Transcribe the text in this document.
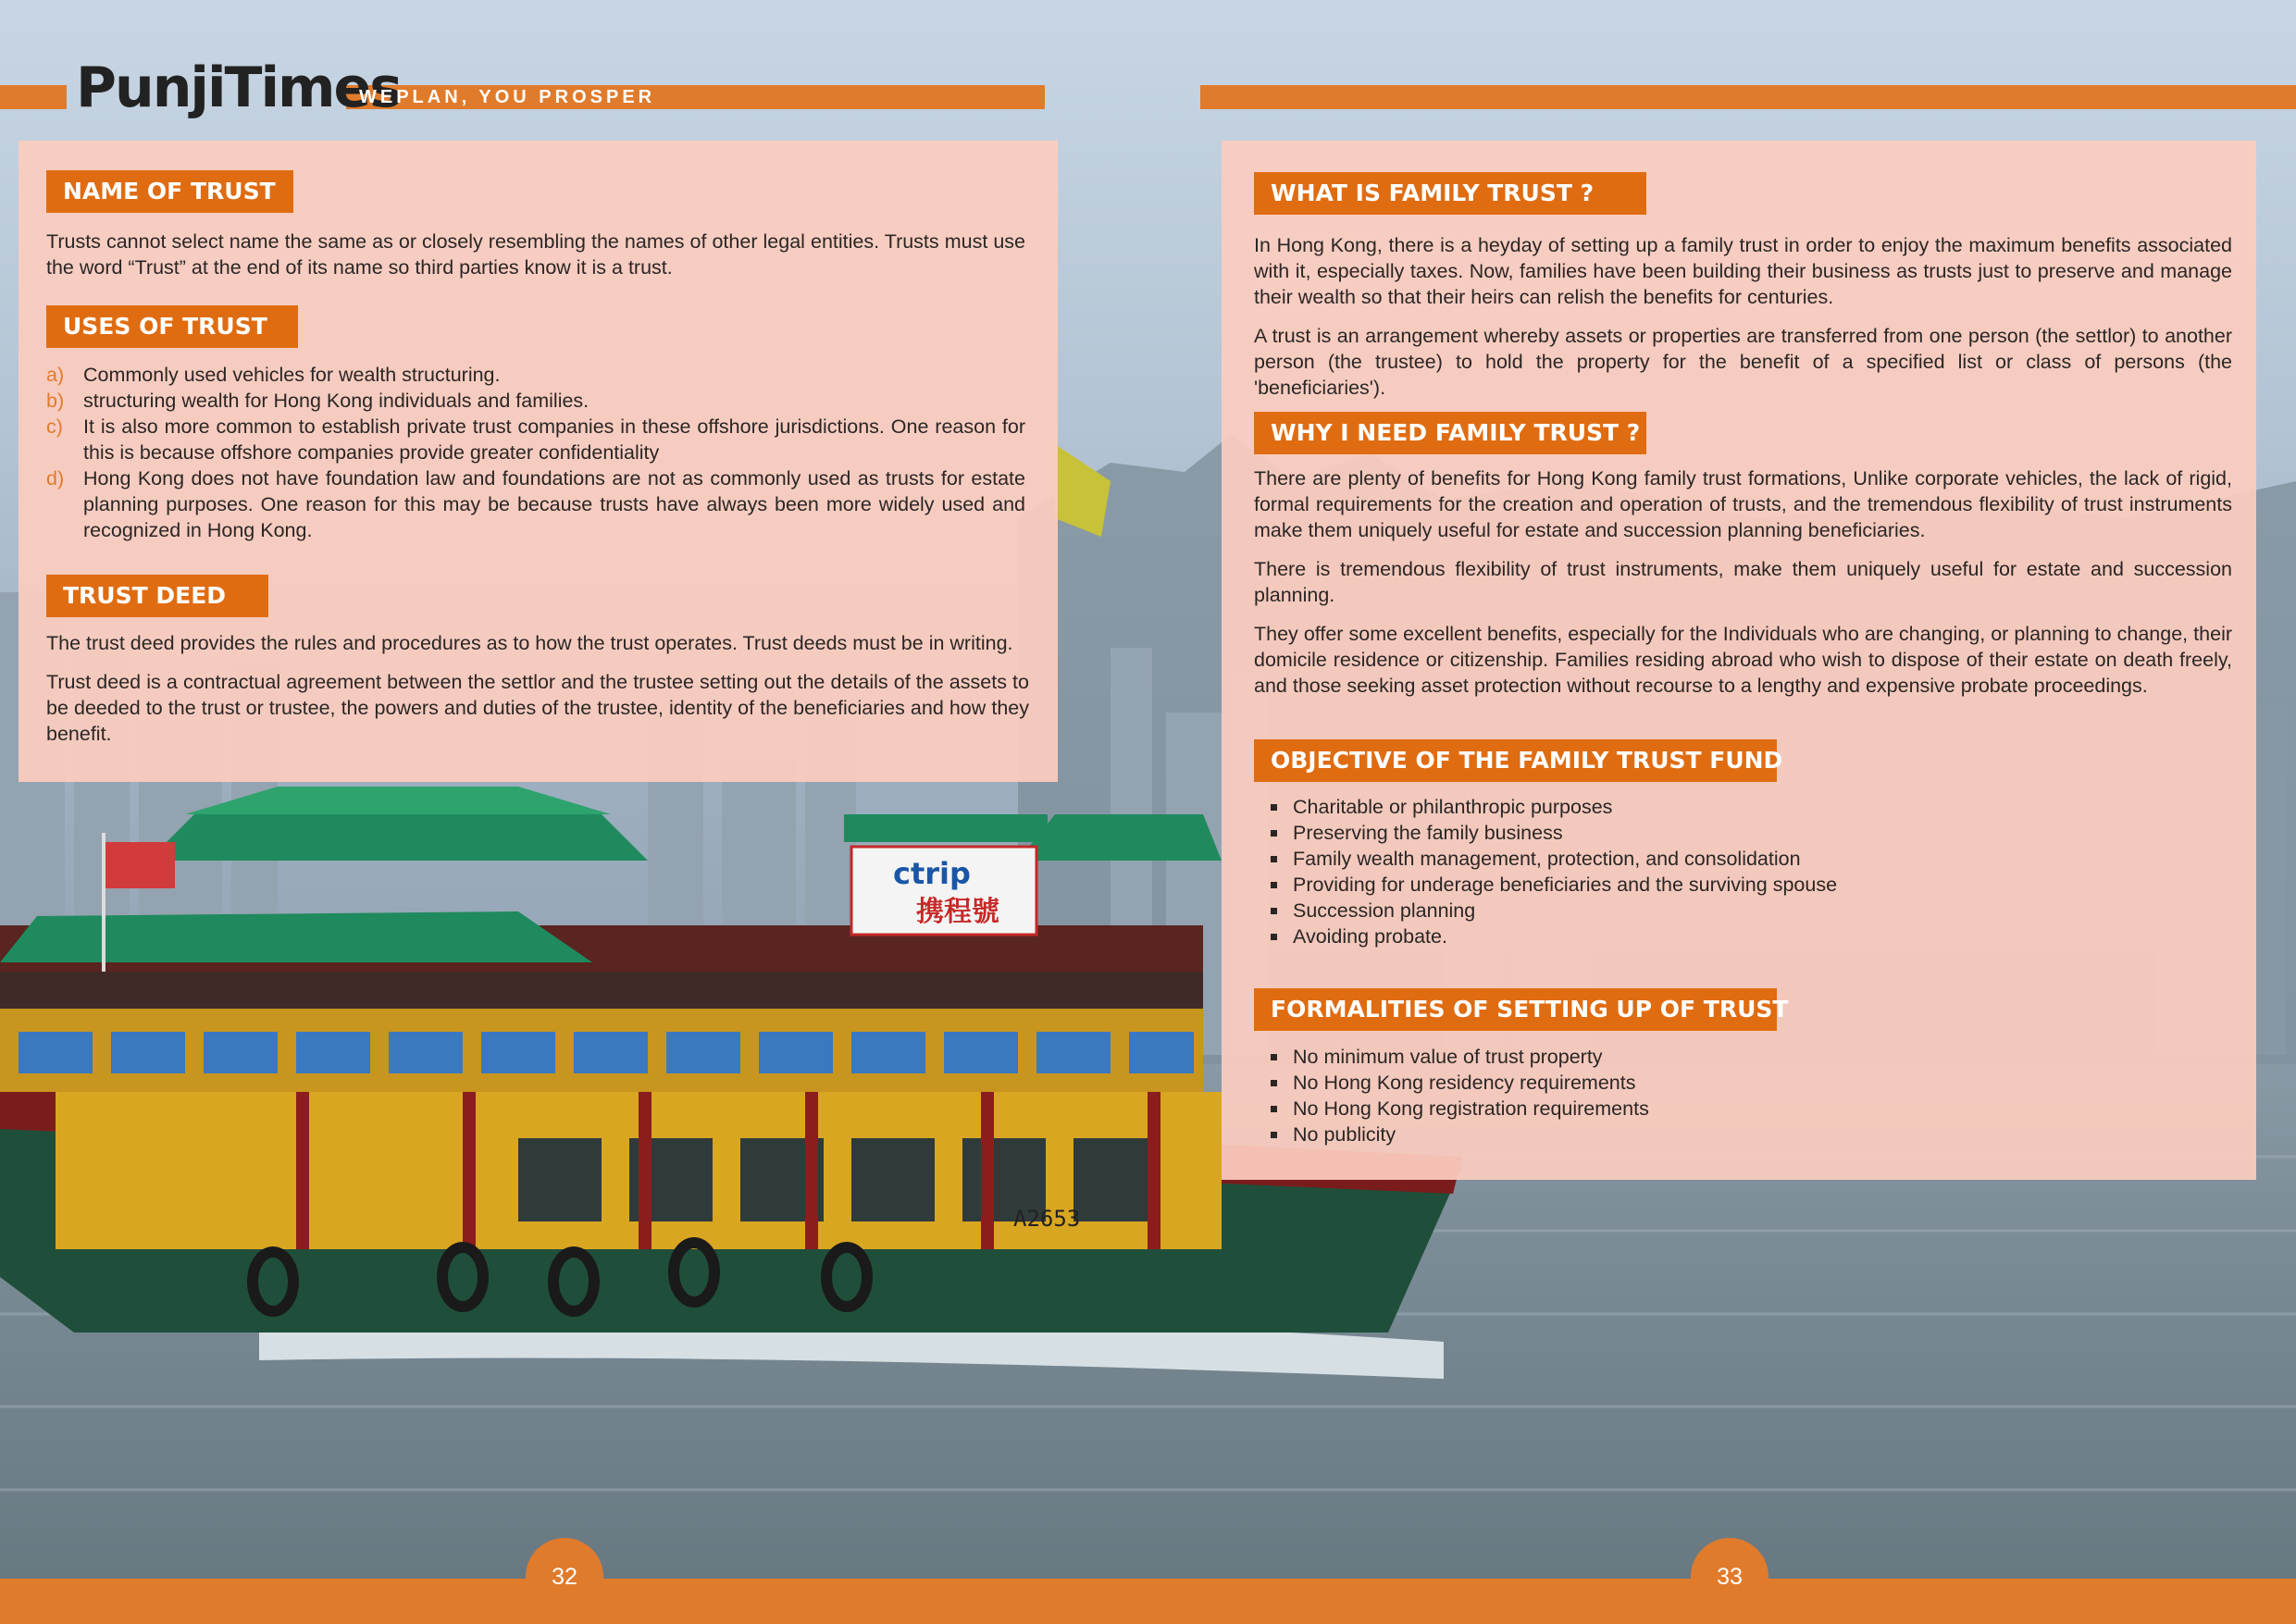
ctrip
携程號
A2653
PunjiTimes
WEPLAN, YOU PROSPER
NAME OF TRUST

Trusts cannot select name the same as or closely resembling the names of other legal entities. Trusts must use the word “Trust” at the end of its name so third parties know it is a trust.

USES OF TRUST
a) Commonly used vehicles for wealth structuring.
b) structuring wealth for Hong Kong individuals and families.
c) It is also more common to establish private trust companies in these offshore jurisdictions. One reason for this is because offshore companies provide greater confidentiality
d) Hong Kong does not have foundation law and foundations are not as commonly used as trusts for estate planning purposes. One reason for this may be because trusts have always been more widely used and recognized in Hong Kong.
TRUST DEED

The trust deed provides the rules and procedures as to how the trust operates. Trust deeds must be in writing.

Trust deed is a contractual agreement between the settlor and the trustee setting out the details of the assets to be deeded to the trust or trustee, the powers and duties of the trustee, identity of the beneficiaries and how they benefit.

WHAT IS FAMILY TRUST ?

In Hong Kong, there is a heyday of setting up a family trust in order to enjoy the maximum benefits associated with it, especially taxes. Now, families have been building their business as trusts just to preserve and manage their wealth so that their heirs can relish the benefits for centuries.

A trust is an arrangement whereby assets or properties are transferred from one person (the settlor) to another person (the trustee) to hold the property for the benefit of a specified list or class of persons (the 'beneficiaries').

WHY I NEED FAMILY TRUST ?

There are plenty of benefits for Hong Kong family trust formations, Unlike corporate vehicles, the lack of rigid, formal requirements for the creation and operation of trusts, and the tremendous flexibility of trust instruments make them uniquely useful for estate and succession planning beneficiaries.

There is tremendous flexibility of trust instruments, make them uniquely useful for estate and succession planning.

They offer some excellent benefits, especially for the Individuals who are changing, or planning to change, their domicile residence or citizenship. Families residing abroad who wish to dispose of their estate on death freely, and those seeking asset protection without recourse to a lengthy and expensive probate proceedings.

OBJECTIVE OF THE FAMILY TRUST FUND
Charitable or philanthropic purposes
Preserving the family business
Family wealth management, protection, and consolidation
Providing for underage beneficiaries and the surviving spouse
Succession planning
Avoiding probate.
FORMALITIES OF SETTING UP OF TRUST
No minimum value of trust property
No Hong Kong residency requirements
No Hong Kong registration requirements
No publicity
32	33
